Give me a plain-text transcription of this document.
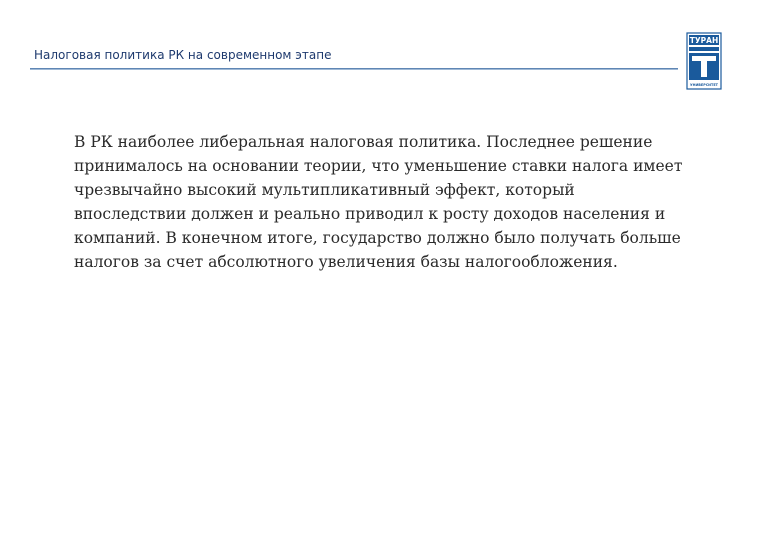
Налоговая политика РК на современном этапе
ТУРАН
УНИВЕРСИТЕТ
В РК наиболее либеральная налоговая политика. Последнее решение
принималось на основании теории, что уменьшение ставки налога имеет
чрезвычайно высокий мультипликативный эффект, который
впоследствии должен и реально приводил к росту доходов населения и
компаний. В конечном итоге, государство должно было получать больше
налогов за счет абсолютного увеличения базы налогообложения.
